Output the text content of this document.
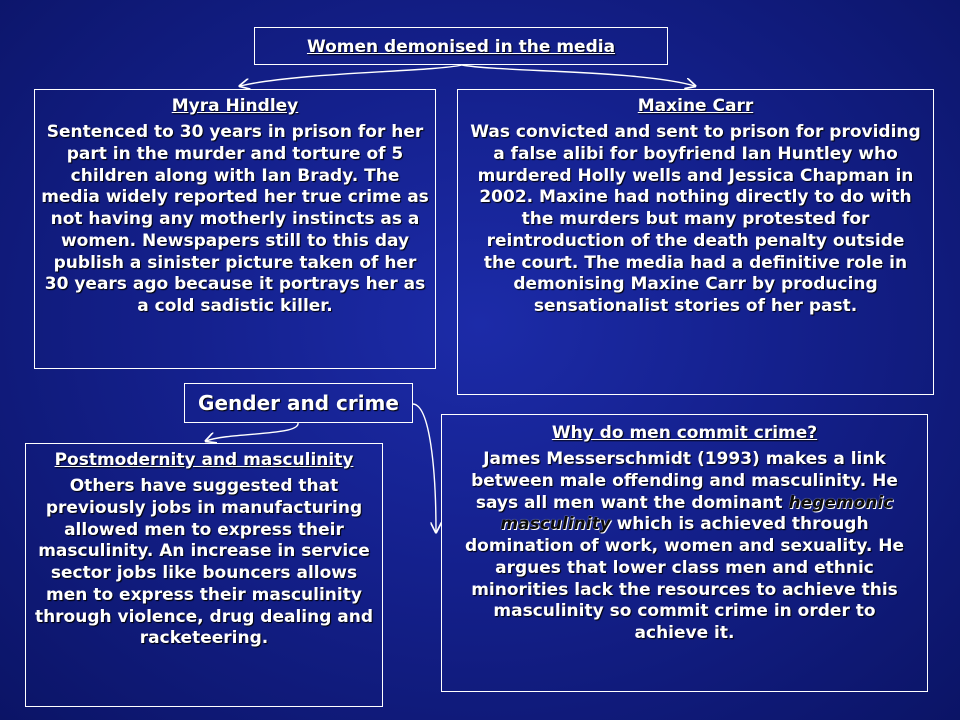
Women demonised in the media
Myra Hindley

Sentenced to 30 years in prison for her part in the murder and torture of 5 children along with Ian Brady. The media widely reported her true crime as not having any motherly instincts as a women. Newspapers still to this day publish a sinister picture taken of her 30 years ago because it portrays her as a cold sadistic killer.

Maxine Carr

Was convicted and sent to prison for providing a false alibi for boyfriend Ian Huntley who murdered Holly wells and Jessica Chapman in 2002. Maxine had nothing directly to do with the murders but many protested for reintroduction of the death penalty outside the court. The media had a definitive role in demonising Maxine Carr by producing sensationalist stories of her past.

Gender and crime
Postmodernity and masculinity

Others have suggested that previously jobs in manufacturing allowed men to express their masculinity. An increase in service sector jobs like bouncers allows men to express their masculinity through violence, drug dealing and racketeering.

Why do men commit crime?

James Messerschmidt (1993) makes a link between male offending and masculinity. He says all men want the dominant hegemonic masculinity which is achieved through domination of work, women and sexuality. He argues that lower class men and ethnic minorities lack the resources to achieve this masculinity so commit crime in order to achieve it.
